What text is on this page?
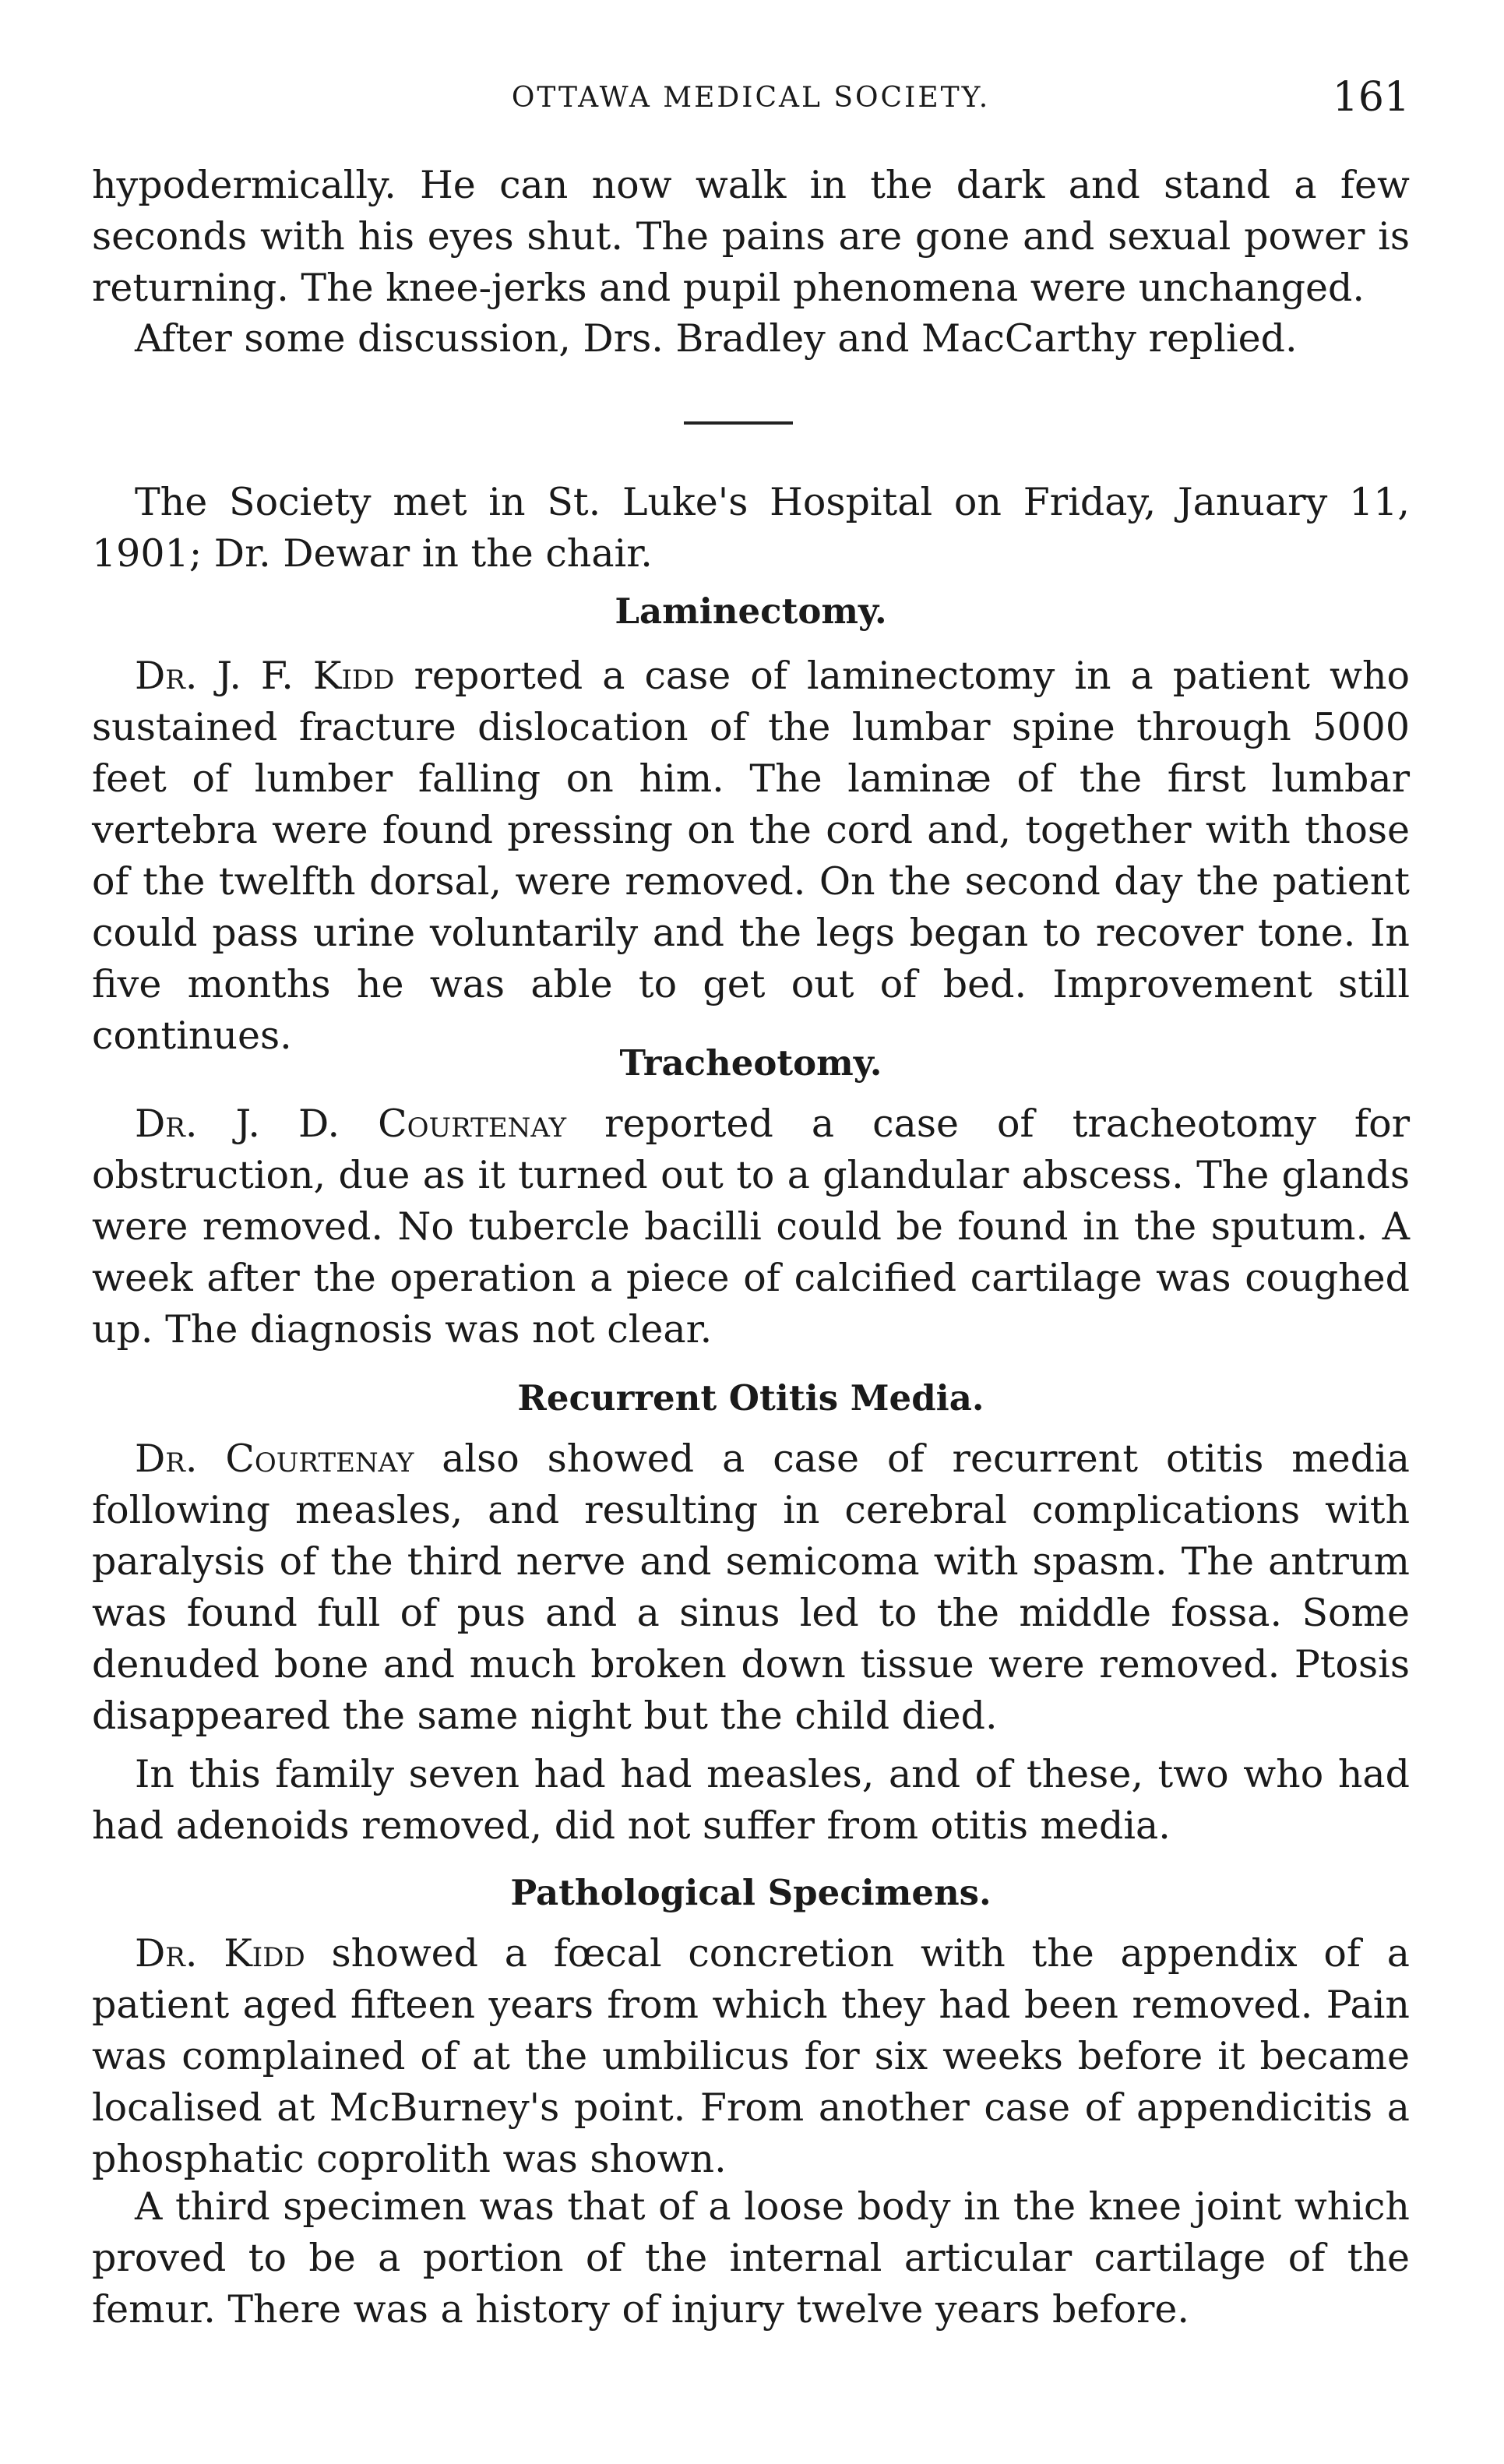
OTTAWA MEDICAL SOCIETY.	161

hypodermically. He can now walk in the dark and stand a few seconds with his eyes shut. The pains are gone and sexual power is returning. The knee-jerks and pupil phenomena were unchanged.

After some discussion, Drs. Bradley and MacCarthy replied.

The Society met in St. Luke's Hospital on Friday, January 11, 1901; Dr. Dewar in the chair.

Laminectomy.

Dr. J. F. Kidd reported a case of laminectomy in a patient who sustained fracture dislocation of the lumbar spine through 5000 feet of lumber falling on him. The laminæ of the first lumbar vertebra were found pressing on the cord and, together with those of the twelfth dorsal, were removed. On the second day the patient could pass urine voluntarily and the legs began to recover tone. In five months he was able to get out of bed. Improvement still continues.

Tracheotomy.

Dr. J. D. Courtenay reported a case of tracheotomy for obstruction, due as it turned out to a glandular abscess. The glands were removed. No tubercle bacilli could be found in the sputum. A week after the operation a piece of calcified cartilage was coughed up. The diagnosis was not clear.

Recurrent Otitis Media.

Dr. Courtenay also showed a case of recurrent otitis media following measles, and resulting in cerebral complications with paralysis of the third nerve and semicoma with spasm. The antrum was found full of pus and a sinus led to the middle fossa. Some denuded bone and much broken down tissue were removed. Ptosis disappeared the same night but the child died.

In this family seven had had measles, and of these, two who had had adenoids removed, did not suffer from otitis media.

Pathological Specimens.

Dr. Kidd showed a fœcal concretion with the appendix of a patient aged fifteen years from which they had been removed. Pain was complained of at the umbilicus for six weeks before it became localised at McBurney's point. From another case of appendicitis a phosphatic coprolith was shown.

A third specimen was that of a loose body in the knee joint which proved to be a portion of the internal articular cartilage of the femur. There was a history of injury twelve years before.
